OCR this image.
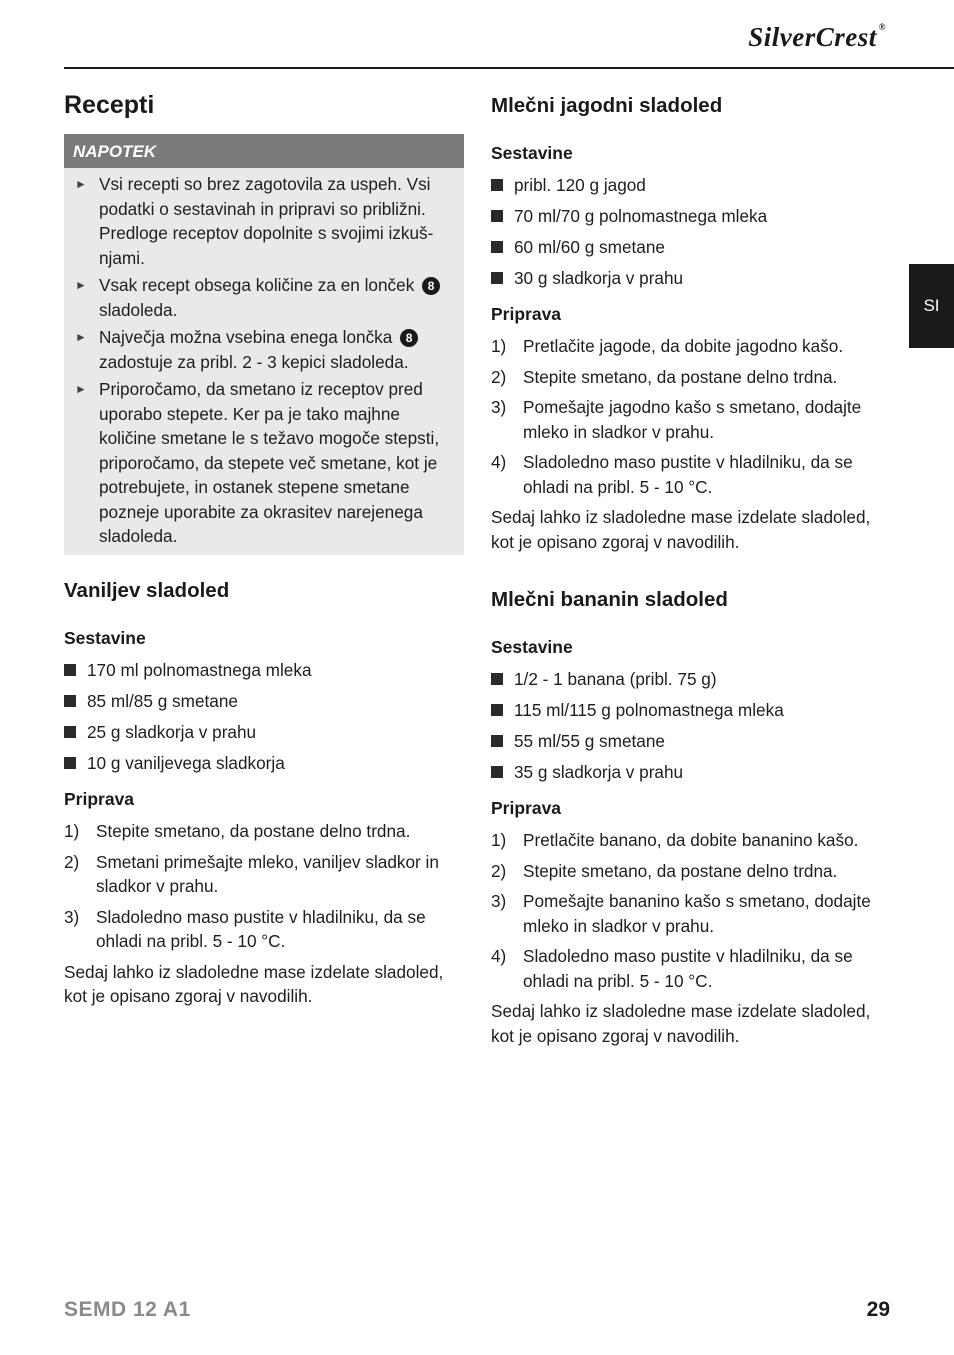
SilverCrest ®
SI
Recepti
NAPOTEK
► Vsi recepti so brez zagotovila za uspeh. Vsi podatki o sestavinah in pripravi so približni. Predloge receptov dopolnite s svojimi izkušnjami.
► Vsak recept obsega količine za en lonček 8 sladoleda.
► Največja možna vsebina enega lončka 8 zadostuje za pribl. 2 - 3 kepici sladoleda.
► Priporočamo, da smetano iz receptov pred uporabo stepete. Ker pa je tako majhne količine smetane le s težavo mogoče stepsti, priporočamo, da stepete več smetane, kot je potrebujete, in ostanek stepene smetane pozneje uporabite za okrasitev narejenega sladoleda.
Vaniljev sladoled
Sestavine
170 ml polnomastnega mleka
85 ml/85 g smetane
25 g sladkorja v prahu
10 g vaniljevega sladkorja
Priprava
1) Stepite smetano, da postane delno trdna.
2) Smetani primešajte mleko, vaniljev sladkor in sladkor v prahu.
3) Sladoledno maso pustite v hladilniku, da se ohladi na pribl. 5 - 10 °C.

Sedaj lahko iz sladoledne mase izdelate sladoled, kot je opisano zgoraj v navodilih.

Mlečni jagodni sladoled
Sestavine
pribl. 120 g jagod
70 ml/70 g polnomastnega mleka
60 ml/60 g smetane
30 g sladkorja v prahu
Priprava
1) Pretlačite jagode, da dobite jagodno kašo.
2) Stepite smetano, da postane delno trdna.
3) Pomešajte jagodno kašo s smetano, dodajte mleko in sladkor v prahu.
4) Sladoledno maso pustite v hladilniku, da se ohladi na pribl. 5 - 10 °C.

Sedaj lahko iz sladoledne mase izdelate sladoled, kot je opisano zgoraj v navodilih.

Mlečni bananin sladoled
Sestavine
1/2 - 1 banana (pribl. 75 g)
115 ml/115 g polnomastnega mleka
55 ml/55 g smetane
35 g sladkorja v prahu
Priprava
1) Pretlačite banano, da dobite bananino kašo.
2) Stepite smetano, da postane delno trdna.
3) Pomešajte bananino kašo s smetano, dodajte mleko in sladkor v prahu.
4) Sladoledno maso pustite v hladilniku, da se ohladi na pribl. 5 - 10 °C.

Sedaj lahko iz sladoledne mase izdelate sladoled, kot je opisano zgoraj v navodilih.

SEMD 12 A1	29
